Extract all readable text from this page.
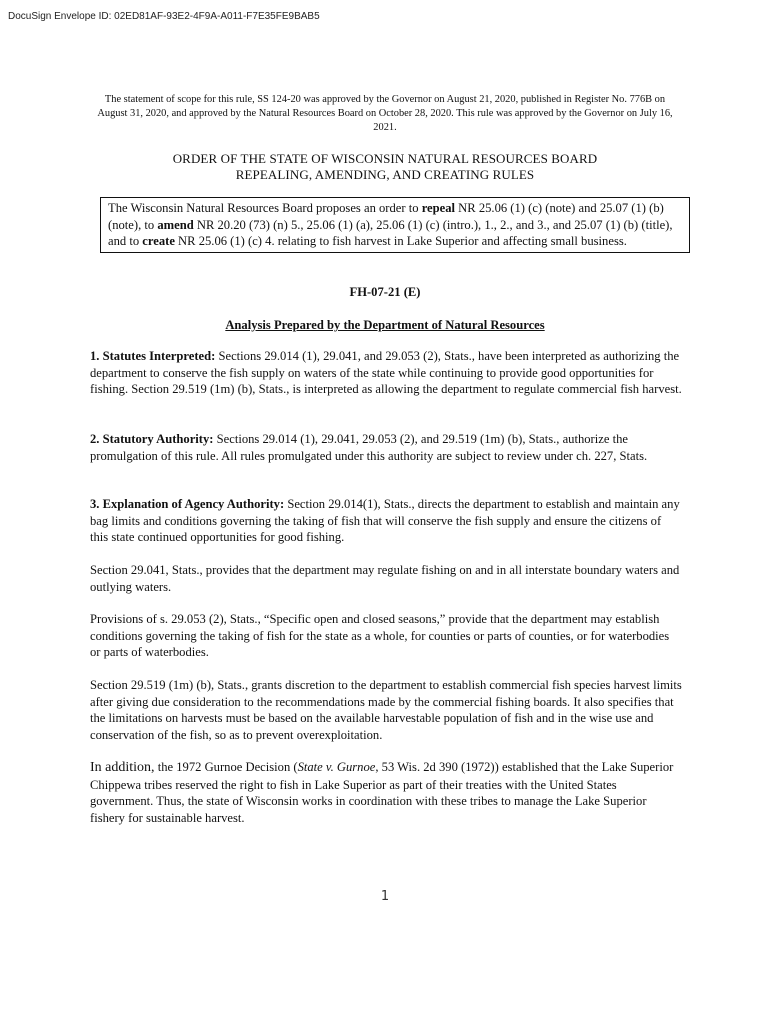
DocuSign Envelope ID: 02ED81AF-93E2-4F9A-A011-F7E35FE9BAB5
The statement of scope for this rule, SS 124-20 was approved by the Governor on August 21, 2020, published in Register No. 776B on August 31, 2020, and approved by the Natural Resources Board on October 28, 2020. This rule was approved by the Governor on July 16, 2021.
ORDER OF THE STATE OF WISCONSIN NATURAL RESOURCES BOARD
REPEALING, AMENDING, AND CREATING RULES
The Wisconsin Natural Resources Board proposes an order to repeal NR 25.06 (1) (c) (note) and 25.07 (1) (b) (note), to amend NR 20.20 (73) (n) 5., 25.06 (1) (a), 25.06 (1) (c) (intro.), 1., 2., and 3., and 25.07 (1) (b) (title), and to create NR 25.06 (1) (c) 4. relating to fish harvest in Lake Superior and affecting small business.
FH-07-21 (E)
Analysis Prepared by the Department of Natural Resources
1. Statutes Interpreted: Sections 29.014 (1), 29.041, and 29.053 (2), Stats., have been interpreted as authorizing the department to conserve the fish supply on waters of the state while continuing to provide good opportunities for fishing. Section 29.519 (1m) (b), Stats., is interpreted as allowing the department to regulate commercial fish harvest.
2. Statutory Authority: Sections 29.014 (1), 29.041, 29.053 (2), and 29.519 (1m) (b), Stats., authorize the promulgation of this rule. All rules promulgated under this authority are subject to review under ch. 227, Stats.
3. Explanation of Agency Authority: Section 29.014(1), Stats., directs the department to establish and maintain any bag limits and conditions governing the taking of fish that will conserve the fish supply and ensure the citizens of this state continued opportunities for good fishing.
Section 29.041, Stats., provides that the department may regulate fishing on and in all interstate boundary waters and outlying waters.
Provisions of s. 29.053 (2), Stats., “Specific open and closed seasons,” provide that the department may establish conditions governing the taking of fish for the state as a whole, for counties or parts of counties, or for waterbodies or parts of waterbodies.
Section 29.519 (1m) (b), Stats., grants discretion to the department to establish commercial fish species harvest limits after giving due consideration to the recommendations made by the commercial fishing boards. It also specifies that the limitations on harvests must be based on the available harvestable population of fish and in the wise use and conservation of the fish, so as to prevent overexploitation.
In addition, the 1972 Gurnoe Decision (State v. Gurnoe, 53 Wis. 2d 390 (1972)) established that the Lake Superior Chippewa tribes reserved the right to fish in Lake Superior as part of their treaties with the United States government. Thus, the state of Wisconsin works in coordination with these tribes to manage the Lake Superior fishery for sustainable harvest.
1
